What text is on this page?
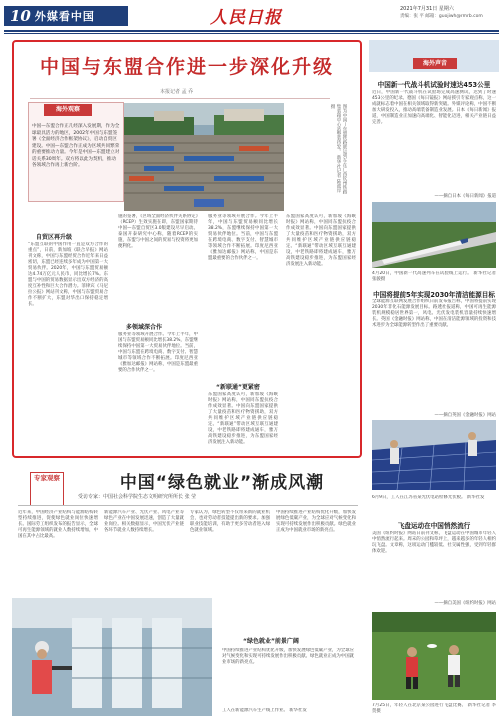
10 外媒看中国	人民日报	2021年7月31日 星期六
责编：张 平 邮箱：guojiwh@rmrb.com
中国与东盟合作进一步深化升级
本报记者 孟 乔
海外观察
中国—东盟合作正几经深入发展期，作为全球最具活力的地区，2002年中国与东盟签署《全面经济合作框架协议》，启动自贸区建设。中国—东盟合作正成为区域共同繁荣的重要推动力量。今年是中国—东盟建立对话关系30周年。双方将以此为契机，推动各领域合作再上新台阶。	图为中国—东盟铁路联运列车在广西钦州铁路集装箱中心站整装待发。 新华社记者 陆波岸摄
自贸区再升级
多领域深合作
“新联通”更紧密
“东盟互联的中国作用一直是双方合作的重点”，日前，新加坡《联合早报》网站刊文称，中国与东盟经贸合作近年来日益密切，东盟已经连续多年成为中国第一大贸易伙伴。2020年，中国与东盟贸易额达4.74万亿元人民币，同比增长7%。东盟与中国的贸易数据显示出双方经济的高度互补性和巨大合作潜力。菲律宾《马尼拉公报》网站刊文称，中国与东盟贸易合作不断扩大，东盟对华出口保持稳定增长。
施的签署，《区域全面经济伙伴关系协定》（RCEP）生效实施在即，东盟国家期待中国—东盟自贸区3.0版建设尽早启动。泰国开泰研究中心称，随着RCEP的实施，东盟与中国之间的贸易与投资将更加便利化。
服务业等领域开展合作。今年上半年，中国与东盟贸易额同比增长38.2%，东盟继续保持中国第一大贸易伙伴地位。当前，中国与东盟在跨境电商、数字支付、智慧城市等领域合作不断拓展。印度尼西亚《雅加达邮报》网站称，中国是东盟最重要的合作伙伴之一。
服务业等领域开展合作。今年上半年，中国与东盟贸易额同比增长38.2%，东盟继续保持中国第一大贸易伙伴地位。当前，中国与东盟在跨境电商、数字支付、智慧城市等领域合作不断拓展。印度尼西亚《雅加达邮报》网站称，中国是东盟最重要的合作伙伴之一。
东盟国家高度认可，新加坡《海峡时报》网站称，中国同东盟抗疫合作成效显著。中国向东盟国家提供了大量疫苗和医疗物资援助，双方共同维护区域产业链供应链稳定。“新联通”带动区域互联互通建设，中老铁路即将建成通车，雅万高铁建设稳步推进，为东盟国家经济发展注入新动能。
东盟国家高度认可，新加坡《海峡时报》网站称，中国同东盟抗疫合作成效显著。中国向东盟国家提供了大量疫苗和医疗物资援助，双方共同维护区域产业链供应链稳定。“新联通”带动区域互联互通建设，中老铁路即将建成通车，雅万高铁建设稳步推进，为东盟国家经济发展注入新动能。
海外声音
中国新一代战斗机试验时速达453公里
近日，中国新一代战斗机在试验场完成高速测试，达到了时速453公里的纪录。德国《每日镜报》网站援引专家观点称，这一成就标志着中国在相关领域取得新突破。外媒评论称，中国不断加大研发投入，推动高端装备制造业发展。日本《每日新闻》报道，中国制造业正加速向高端化、智能化迈进，相关产业链日益完善。
——摘自日本《每日新闻》报道
4月20日，中国新一代高速列车在试验线上运行。 新华社记者 张骏摄
中国将提前5年实现2030年清洁能源目标
全球能源互联网发展合作组织日前发布报告称，中国将提前实现2030年非化石能源发展目标。路透社报道称，中国可再生能源装机规模稳居世界第一，风电、光伏发电装机容量持续快速增长。英国《金融时报》网站称，中国在清洁能源领域的投资和技术进步为全球能源转型作出了重要贡献。
——摘自英国《金融时报》网站
6月9日，工人在江苏省某光伏电站检修光伏板。 新华社发
飞盘运动在中国悄然流行
美国《纽约时报》网站日前刊文称，飞盘运动在中国城市年轻人中悄然流行起来。周末的公园和草坪上，越来越多的年轻人相约玩飞盘。文章称，这项运动门槛较低、社交属性强，受到年轻群体欢迎。
——摘自美国《纽约时报》网站
7月25日，年轻人在北京某公园进行飞盘比赛。 新华社记者 李贺摄
专家观察	中国“绿色就业”渐成风潮
受访专家：中国社会科学院生态文明研究所所长 张 莹
近年来，中国经济产业结构与能源结构转型持续推进，促使绿色就业岗位快速增长。国际劳工组织发布的报告显示，全球可再生能源领域的就业人数持续增加，中国在其中占比最高。
新能源汽车产业、光伏产业、风电产业等绿色产业在中国发展迅速，创造了大量就业岗位。相关数据显示，中国光伏产业链各环节就业人数持续增长。
专家认为，绿色转型不仅带来新的就业机会，也对劳动者技能提出新的要求。加强职业技能培训，有助于更多劳动者进入绿色就业领域。
中国持续推进产业结构优化升级，加快发展绿色低碳产业，为全球应对气候变化和实现可持续发展作出积极贡献。绿色就业正成为中国就业市场的新亮点。
“绿色就业”前景广阔
中国持续推进产业结构优化升级，加快发展绿色低碳产业，为全球应对气候变化和实现可持续发展作出积极贡献。绿色就业正成为中国就业市场的新亮点。
工人在新能源汽车生产线上作业。 新华社发
